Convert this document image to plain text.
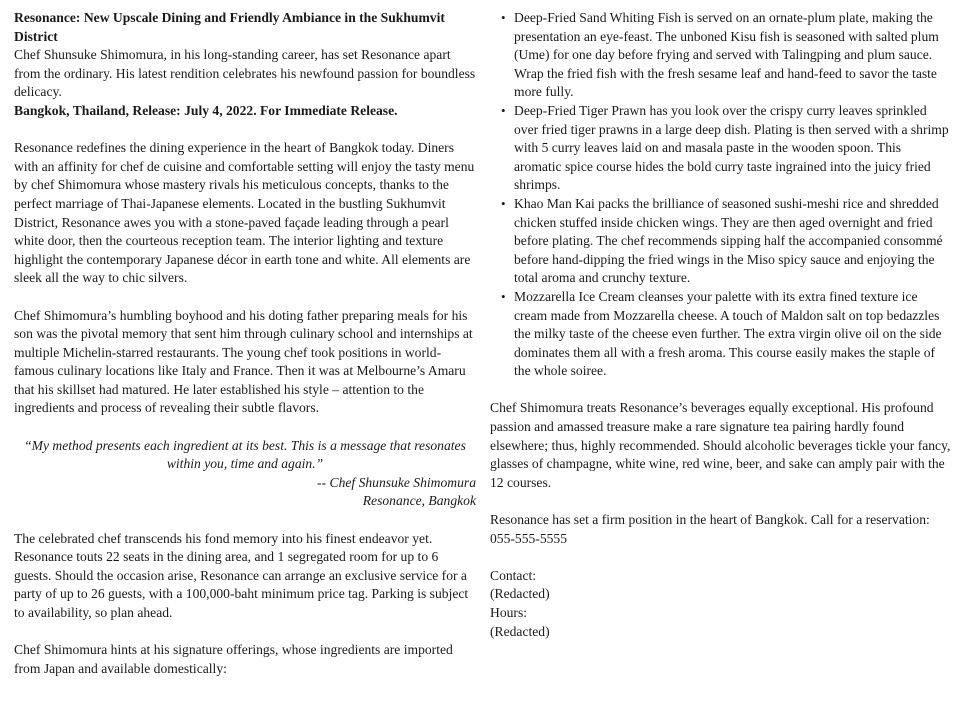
Resonance: New Upscale Dining and Friendly Ambiance in the Sukhumvit District

Chef Shunsuke Shimomura, in his long-standing career, has set Resonance apart from the ordinary. His latest rendition celebrates his newfound passion for boundless delicacy.

Bangkok, Thailand, Release: July 4, 2022. For Immediate Release.

Resonance redefines the dining experience in the heart of Bangkok today. Diners with an affinity for chef de cuisine and comfortable setting will enjoy the tasty menu by chef Shimomura whose mastery rivals his meticulous concepts, thanks to the perfect marriage of Thai-Japanese elements. Located in the bustling Sukhumvit District, Resonance awes you with a stone-paved façade leading through a pearl white door, then the courteous reception team. The interior lighting and texture highlight the contemporary Japanese décor in earth tone and white. All elements are sleek all the way to chic silvers.

Chef Shimomura’s humbling boyhood and his doting father preparing meals for his son was the pivotal memory that sent him through culinary school and internships at multiple Michelin-starred restaurants. The young chef took positions in world-famous culinary locations like Italy and France. Then it was at Melbourne’s Amaru that his skillset had matured. He later established his style – attention to the ingredients and process of revealing their subtle flavors.

“My method presents each ingredient at its best. This is a message that resonates within you, time and again.”

-- Chef Shunsuke Shimomura

Resonance, Bangkok

The celebrated chef transcends his fond memory into his finest endeavor yet. Resonance touts 22 seats in the dining area, and 1 segregated room for up to 6 guests. Should the occasion arise, Resonance can arrange an exclusive service for a party of up to 26 guests, with a 100,000-baht minimum price tag. Parking is subject to availability, so plan ahead.

Chef Shimomura hints at his signature offerings, whose ingredients are imported from Japan and available domestically:

• Deep-Fried Sand Whiting Fish is served on an ornate-plum plate, making the presentation an eye-feast. The unboned Kisu fish is seasoned with salted plum (Ume) for one day before frying and served with Talingping and plum sauce. Wrap the fried fish with the fresh sesame leaf and hand-feed to savor the taste more fully.
• Deep-Fried Tiger Prawn has you look over the crispy curry leaves sprinkled over fried tiger prawns in a large deep dish. Plating is then served with a shrimp with 5 curry leaves laid on and masala paste in the wooden spoon. This aromatic spice course hides the bold curry taste ingrained into the juicy fried shrimps.
• Khao Man Kai packs the brilliance of seasoned sushi-meshi rice and shredded chicken stuffed inside chicken wings. They are then aged overnight and fried before plating. The chef recommends sipping half the accompanied consommé before hand-dipping the fried wings in the Miso spicy sauce and enjoying the total aroma and crunchy texture.
• Mozzarella Ice Cream cleanses your palette with its extra fined texture ice cream made from Mozzarella cheese. A touch of Maldon salt on top bedazzles the milky taste of the cheese even further. The extra virgin olive oil on the side dominates them all with a fresh aroma. This course easily makes the staple of the whole soiree.

Chef Shimomura treats Resonance’s beverages equally exceptional. His profound passion and amassed treasure make a rare signature tea pairing hardly found elsewhere; thus, highly recommended. Should alcoholic beverages tickle your fancy, glasses of champagne, white wine, red wine, beer, and sake can amply pair with the 12 courses.

Resonance has set a firm position in the heart of Bangkok. Call for a reservation:

055-555-5555

Contact:

(Redacted)

Hours:

(Redacted)
